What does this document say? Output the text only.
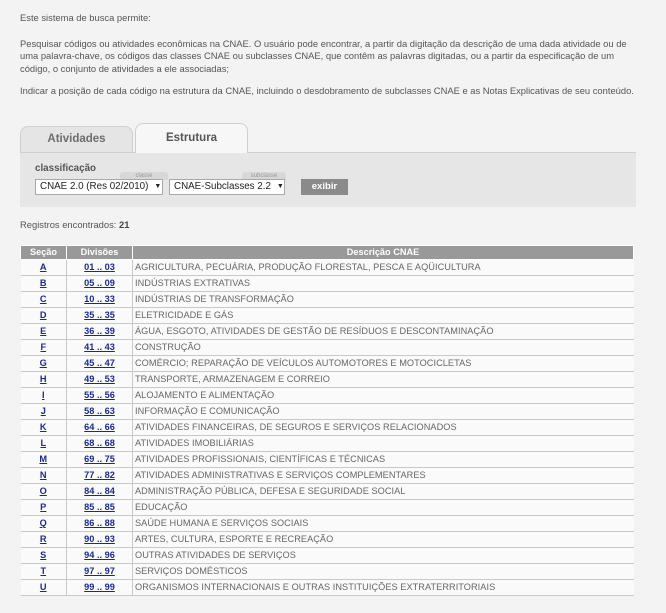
Este sistema de busca permite:

Pesquisar códigos ou atividades econômicas na CNAE. O usuário pode encontrar, a partir da digitação da descrição de uma dada atividade ou de uma palavra-chave, os códigos das classes CNAE ou subclasses CNAE, que contêm as palavras digitadas, ou a partir da especificação de um código, o conjunto de atividades a ele associadas;

Indicar a posição de cada código na estrutura da CNAE, incluindo o desdobramento de subclasses CNAE e as Notas Explicativas de seu conteúdo.

Atividades	Estrutura
classificação
classe	subclasse
CNAE 2.0 (Res 02/2010) ▼ CNAE-Subclasses 2.2 ▼	exibir
Registros encontrados: 21
Seção	Divisões	Descrição CNAE
A	01 .. 03	AGRICULTURA, PECUÁRIA, PRODUÇÃO FLORESTAL, PESCA E AQÜICULTURA
B	05 .. 09	INDÚSTRIAS EXTRATIVAS
C	10 .. 33	INDÚSTRIAS DE TRANSFORMAÇÃO
D	35 .. 35	ELETRICIDADE E GÁS
E	36 .. 39	ÁGUA, ESGOTO, ATIVIDADES DE GESTÃO DE RESÍDUOS E DESCONTAMINAÇÃO
F	41 .. 43	CONSTRUÇÃO
G	45 .. 47	COMÉRCIO; REPARAÇÃO DE VEÍCULOS AUTOMOTORES E MOTOCICLETAS
H	49 .. 53	TRANSPORTE, ARMAZENAGEM E CORREIO
I	55 .. 56	ALOJAMENTO E ALIMENTAÇÃO
J	58 .. 63	INFORMAÇÃO E COMUNICAÇÃO
K	64 .. 66	ATIVIDADES FINANCEIRAS, DE SEGUROS E SERVIÇOS RELACIONADOS
L	68 .. 68	ATIVIDADES IMOBILIÁRIAS
M	69 .. 75	ATIVIDADES PROFISSIONAIS, CIENTÍFICAS E TÉCNICAS
N	77 .. 82	ATIVIDADES ADMINISTRATIVAS E SERVIÇOS COMPLEMENTARES
O	84 .. 84	ADMINISTRAÇÃO PÚBLICA, DEFESA E SEGURIDADE SOCIAL
P	85 .. 85	EDUCAÇÃO
Q	86 .. 88	SAÚDE HUMANA E SERVIÇOS SOCIAIS
R	90 .. 93	ARTES, CULTURA, ESPORTE E RECREAÇÃO
S	94 .. 96	OUTRAS ATIVIDADES DE SERVIÇOS
T	97 .. 97	SERVIÇOS DOMÉSTICOS
U	99 .. 99	ORGANISMOS INTERNACIONAIS E OUTRAS INSTITUIÇÕES EXTRATERRITORIAIS
